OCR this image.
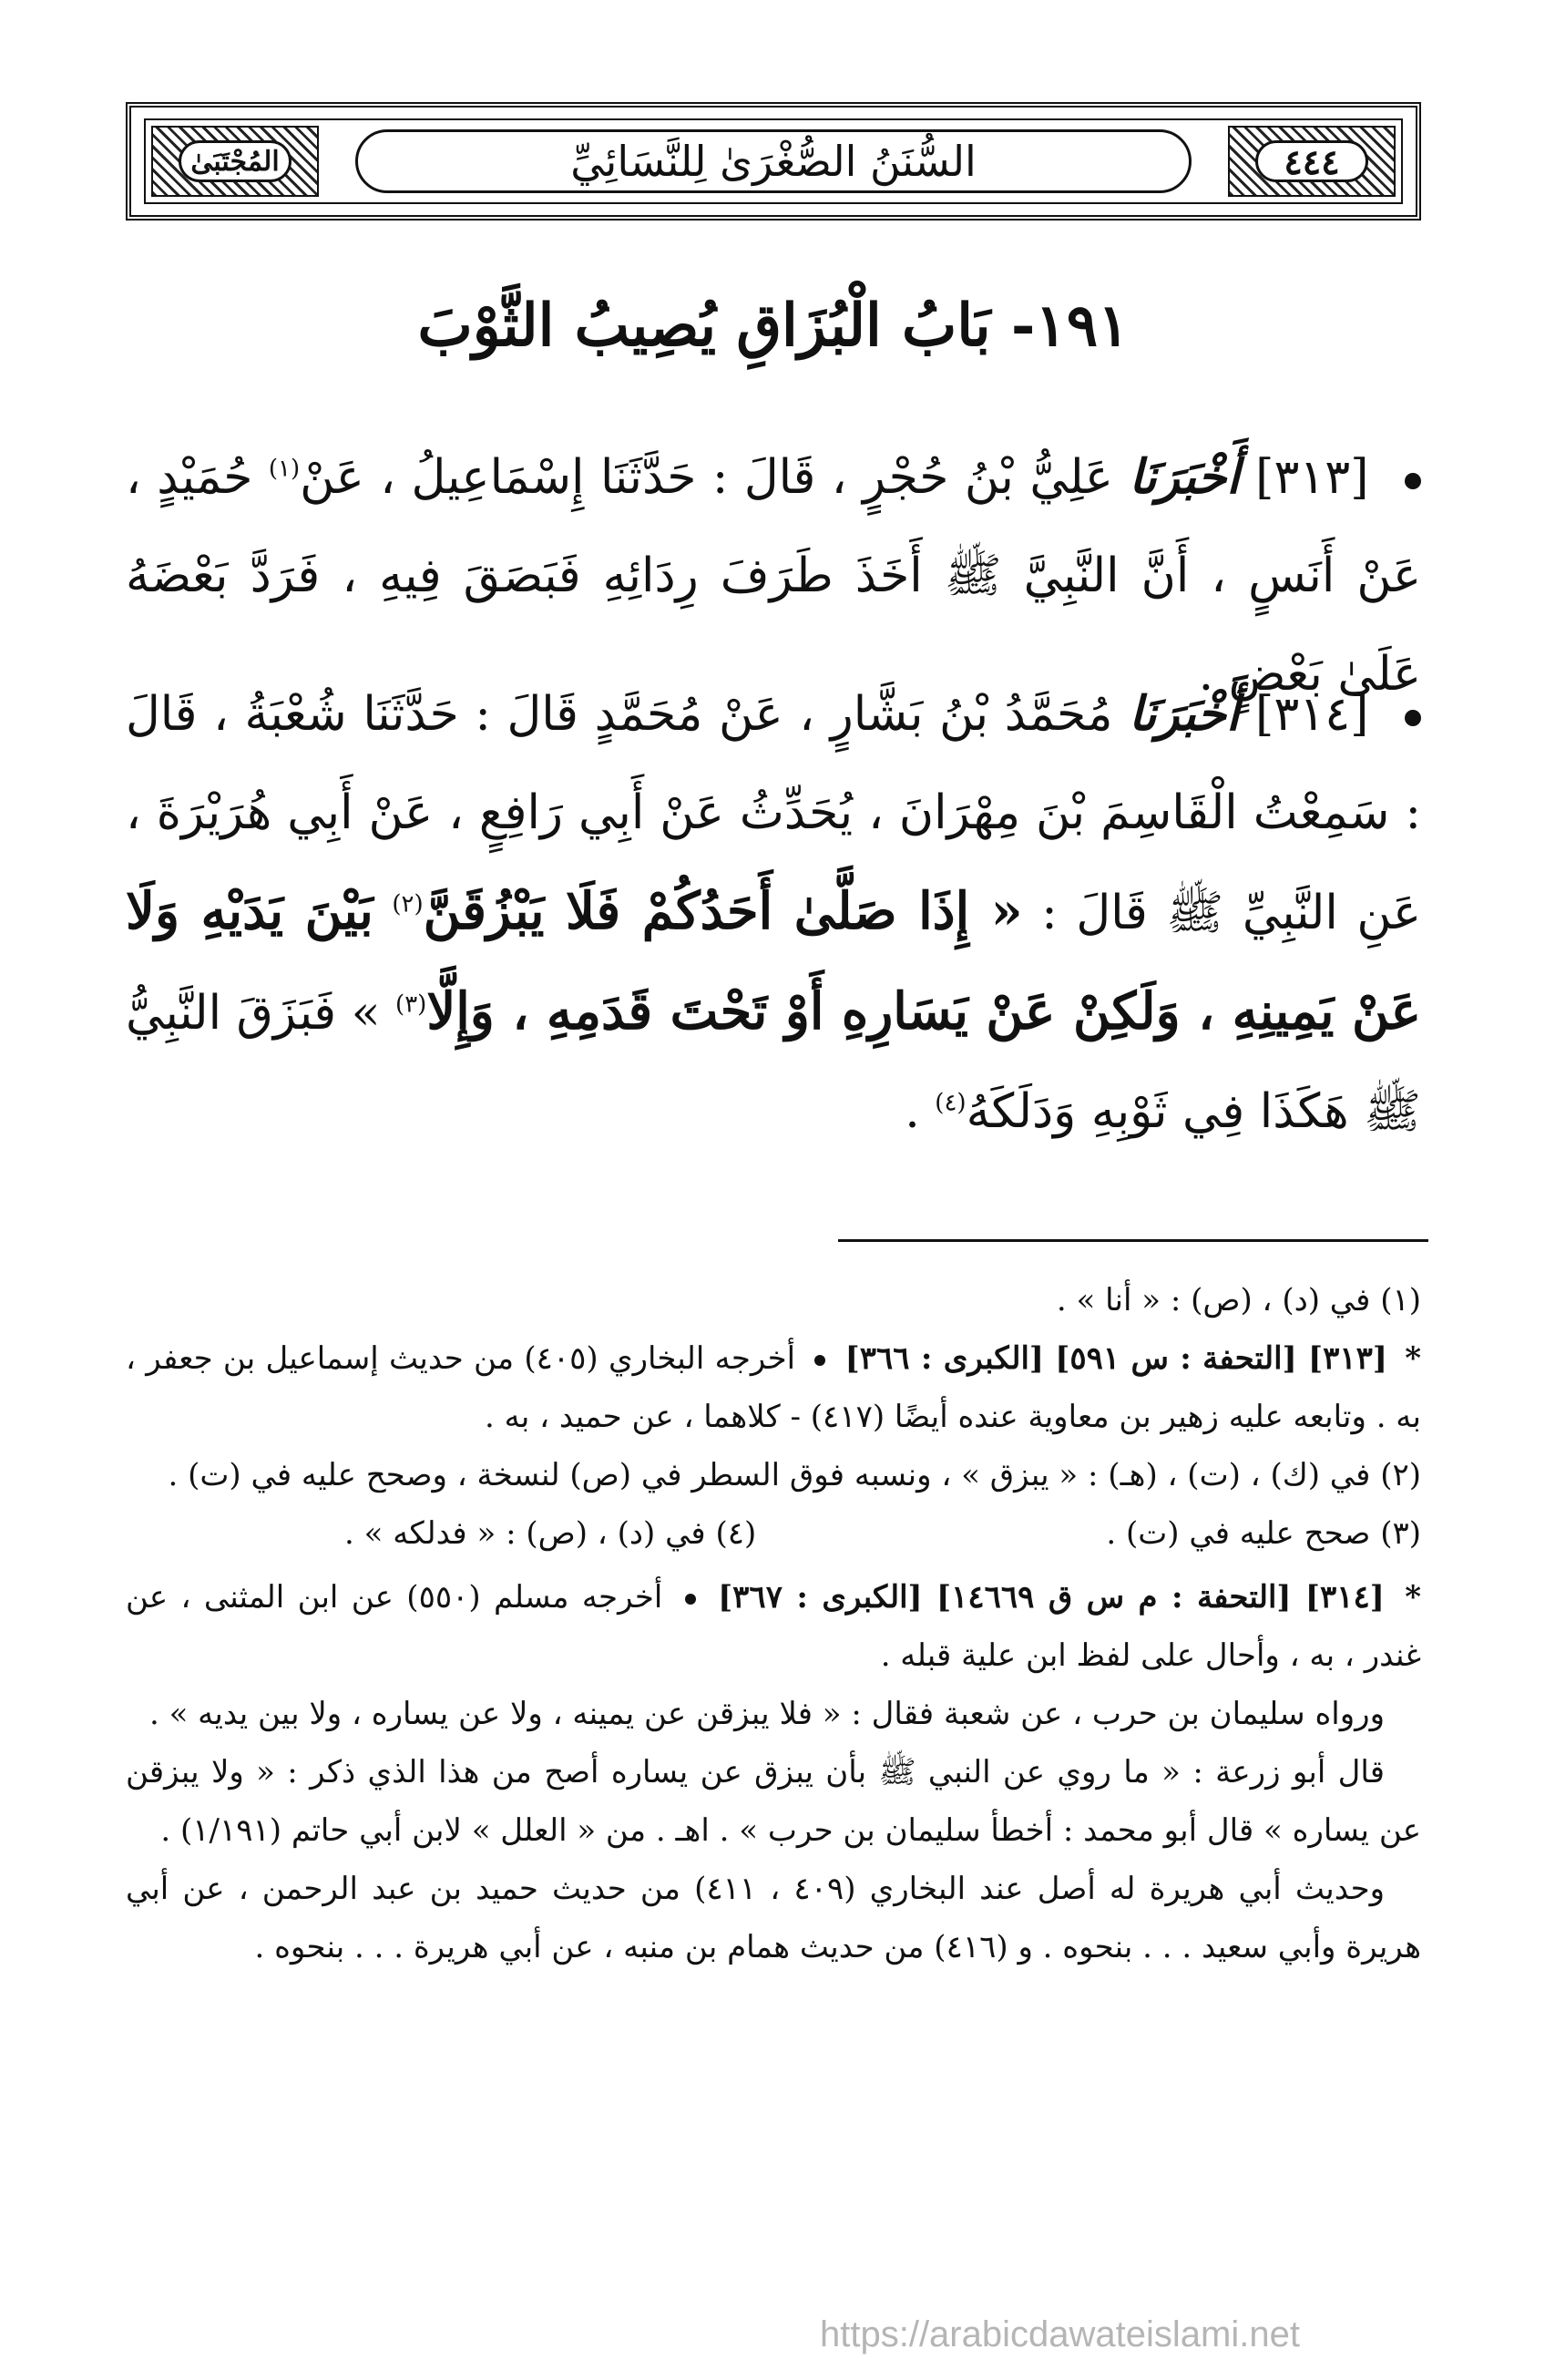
٤٤٤
السُّنَنُ الصُّغْرَىٰ لِلنَّسَائِيِّ
المُجْتَبَىٰ
١٩١- بَابُ الْبُزَاقِ يُصِيبُ الثَّوْبَ
[٣١٣] أَخْبَرَنَا عَلِيُّ بْنُ حُجْرٍ ، قَالَ : حَدَّثَنَا إِسْمَاعِيلُ ، عَنْ$^{(١)}$ حُمَيْدٍ ، عَنْ أَنَسٍ ، أَنَّ النَّبِيَّ ﷺ أَخَذَ طَرَفَ رِدَائِهِ فَبَصَقَ فِيهِ ، فَرَدَّ بَعْضَهُ عَلَىٰ بَعْضٍ .
[٣١٤] أَخْبَرَنَا مُحَمَّدُ بْنُ بَشَّارٍ ، عَنْ مُحَمَّدٍ قَالَ : حَدَّثَنَا شُعْبَةُ ، قَالَ : سَمِعْتُ الْقَاسِمَ بْنَ مِهْرَانَ ، يُحَدِّثُ عَنْ أَبِي رَافِعٍ ، عَنْ أَبِي هُرَيْرَةَ ، عَنِ النَّبِيِّ ﷺ قَالَ : « إِذَا صَلَّىٰ أَحَدُكُمْ فَلَا يَبْزُقَنَّ$^{(٢)}$ بَيْنَ يَدَيْهِ وَلَا عَنْ يَمِينِهِ ، وَلَكِنْ عَنْ يَسَارِهِ أَوْ تَحْتَ قَدَمِهِ ، وَإِلَّا$^{(٣)}$ » فَبَزَقَ النَّبِيُّ ﷺ هَكَذَا فِي ثَوْبِهِ وَدَلَكَهُ$^{(٤)}$ .
(١) في (د) ، (ص) : « أنا » .
* [٣١٣] [التحفة : س ٥٩١] [الكبرى : ٣٦٦]  أخرجه البخاري (٤٠٥) من حديث إسماعيل بن جعفر ، به . وتابعه عليه زهير بن معاوية عنده أيضًا (٤١٧) - كلاهما ، عن حميد ، به .
(٢) في (ك) ، (ت) ، (هـ) : « يبزق » ، ونسبه فوق السطر في (ص) لنسخة ، وصحح عليه في (ت) .
(٣) صحح عليه في (ت) .
(٤) في (د) ، (ص) : « فدلكه » .
* [٣١٤] [التحفة : م س ق ١٤٦٦٩] [الكبرى : ٣٦٧]  أخرجه مسلم (٥٥٠) عن ابن المثنى ، عن غندر ، به ، وأحال على لفظ ابن علية قبله .
ورواه سليمان بن حرب ، عن شعبة فقال : « فلا يبزقن عن يمينه ، ولا عن يساره ، ولا بين يديه » .
قال أبو زرعة : « ما روي عن النبي ﷺ بأن يبزق عن يساره أصح من هذا الذي ذكر : « ولا يبزقن عن يساره » قال أبو محمد : أخطأ سليمان بن حرب » . اهـ . من « العلل » لابن أبي حاتم (١/١٩١) .
وحديث أبي هريرة له أصل عند البخاري (٤٠٩ ، ٤١١) من حديث حميد بن عبد الرحمن ، عن أبي هريرة وأبي سعيد . . . بنحوه . و (٤١٦) من حديث همام بن منبه ، عن أبي هريرة . . . بنحوه .
https://arabicdawateislami.net
